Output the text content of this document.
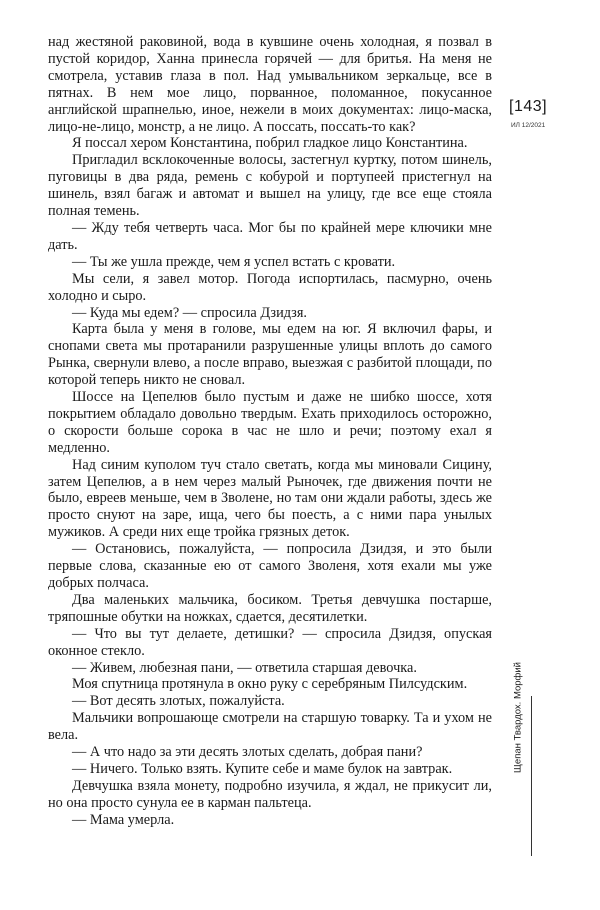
над жестяной раковиной, вода в кувшине очень холодная, я позвал в пустой коридор, Ханна принесла горячей — для бритья. На меня не смотрела, уставив глаза в пол. Над умывальником зеркальце, все в пятнах. В нем мое лицо, порванное, поломанное, покусанное английской шрапнелью, иное, нежели в моих документах: лицо-маска, лицо-не-лицо, монстр, а не лицо. А поссать, поссать-то как?

Я поссал хером Константина, побрил гладкое лицо Константина.

Пригладил всклокоченные волосы, застегнул куртку, потом шинель, пуговицы в два ряда, ремень с кобурой и портупеей пристегнул на шинель, взял багаж и автомат и вышел на улицу, где все еще стояла полная темень.

— Жду тебя четверть часа. Мог бы по крайней мере ключики мне дать.

— Ты же ушла прежде, чем я успел встать с кровати.

Мы сели, я завел мотор. Погода испортилась, пасмурно, очень холодно и сыро.

— Куда мы едем? — спросила Дзидзя.

Карта была у меня в голове, мы едем на юг. Я включил фары, и снопами света мы протаранили разрушенные улицы вплоть до самого Рынка, свернули влево, а после вправо, выезжая с разбитой площади, по которой теперь никто не сновал.

Шоссе на Цепелюв было пустым и даже не шибко шоссе, хотя покрытием обладало довольно твердым. Ехать приходилось осторожно, о скорости больше сорока в час не шло и речи; поэтому ехал я медленно.

Над синим куполом туч стало светать, когда мы миновали Сицину, затем Цепелюв, а в нем через малый Рыночек, где движения почти не было, евреев меньше, чем в Зволене, но там они ждали работы, здесь же просто снуют на заре, ища, чего бы поесть, а с ними пара унылых мужиков. А среди них еще тройка грязных деток.

— Остановись, пожалуйста, — попросила Дзидзя, и это были первые слова, сказанные ею от самого Зволеня, хотя ехали мы уже добрых полчаса.

Два маленьких мальчика, босиком. Третья девчушка постарше, тряпошные обутки на ножках, сдается, десятилетки.

— Что вы тут делаете, детишки? — спросила Дзидзя, опуская оконное стекло.

— Живем, любезная пани, — ответила старшая девочка.

Моя спутница протянула в окно руку с серебряным Пилсудским.

— Вот десять злотых, пожалуйста.

Мальчики вопрошающе смотрели на старшую товарку. Та и ухом не вела.

— А что надо за эти десять злотых сделать, добрая пани?

— Ничего. Только взять. Купите себе и маме булок на завтрак.

Девчушка взяла монету, подробно изучила, я ждал, не прикусит ли, но она просто сунула ее в карман пальтеца.

— Мама умерла.

[143]
ИЛ 12/2021
Щепан Твардох. Морфий
